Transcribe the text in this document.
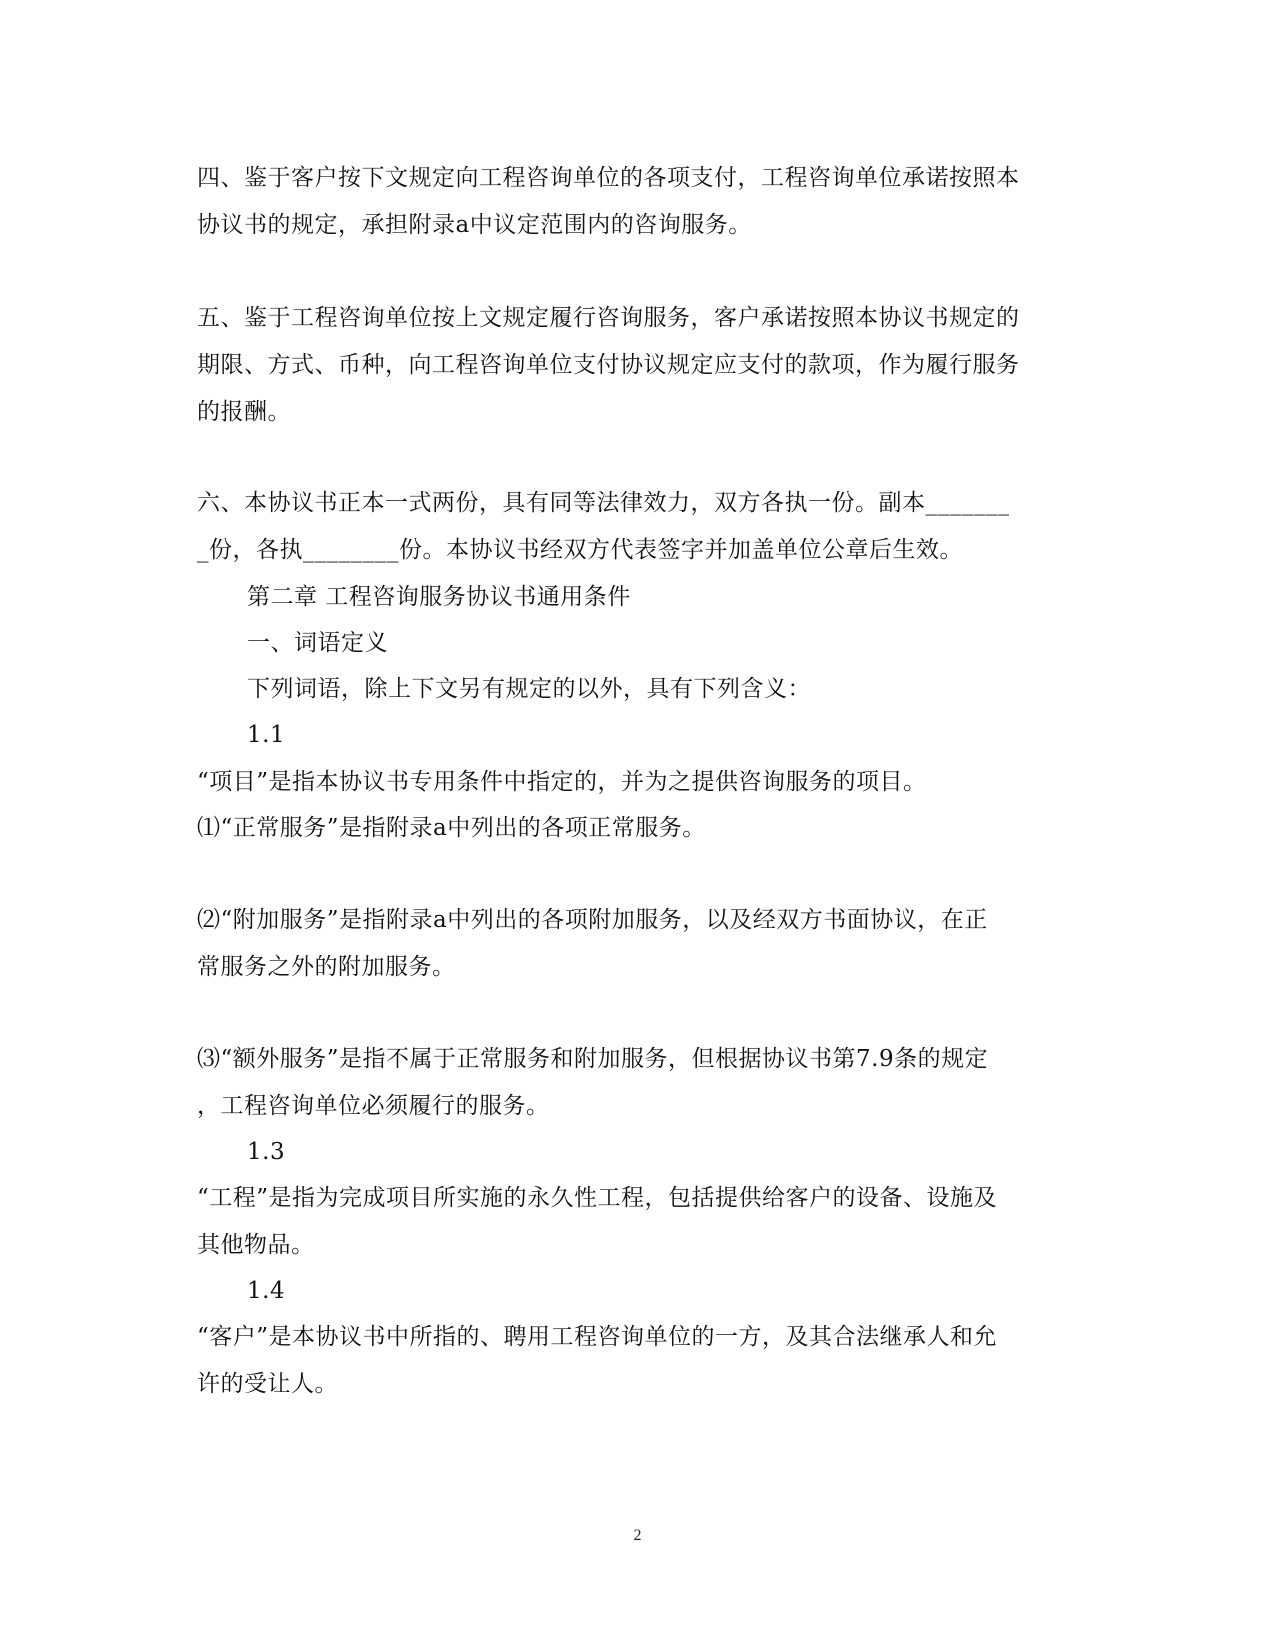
四、鉴于客户按下文规定向工程咨询单位的各项支付，工程咨询单位承诺按照本
协议书的规定，承担附录a中议定范围内的咨询服务。
五、鉴于工程咨询单位按上文规定履行咨询服务，客户承诺按照本协议书规定的
期限、方式、币种，向工程咨询单位支付协议规定应支付的款项，作为履行服务
的报酬。
六、本协议书正本一式两份，具有同等法律效力，双方各执一份。副本_______
_份，各执________份。本协议书经双方代表签字并加盖单位公章后生效。
第二章 工程咨询服务协议书通用条件
一、词语定义
下列词语，除上下文另有规定的以外，具有下列含义：
1.1
“项目”是指本协议书专用条件中指定的，并为之提供咨询服务的项目。
⑴“正常服务”是指附录a中列出的各项正常服务。
⑵“附加服务”是指附录a中列出的各项附加服务，以及经双方书面协议，在正
常服务之外的附加服务。
⑶“额外服务”是指不属于正常服务和附加服务，但根据协议书第7.9条的规定
，工程咨询单位必须履行的服务。
1.3
“工程”是指为完成项目所实施的永久性工程，包括提供给客户的设备、设施及
其他物品。
1.4
“客户”是本协议书中所指的、聘用工程咨询单位的一方，及其合法继承人和允
许的受让人。
2
